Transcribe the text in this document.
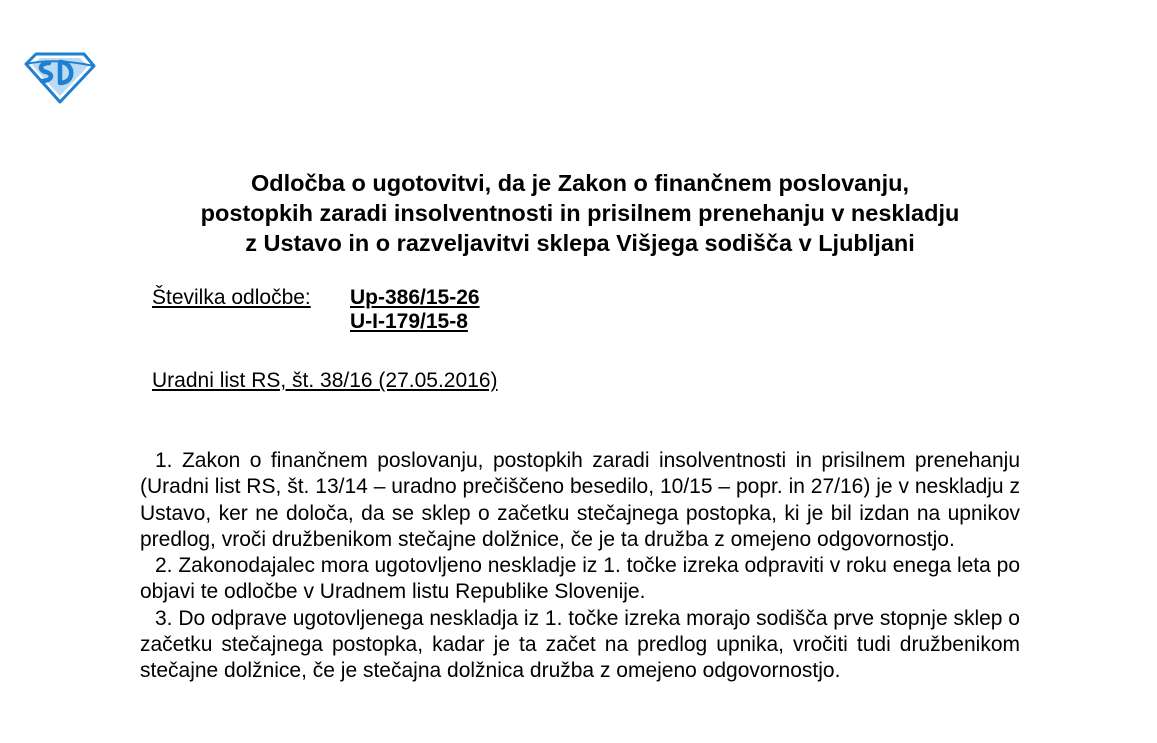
Odločba o ugotovitvi, da je Zakon o finančnem poslovanju,
postopkih zaradi insolventnosti in prisilnem prenehanju v neskladju
z Ustavo in o razveljavitvi sklepa Višjega sodišča v Ljubljani
Številka odločbe: Up-386/15-26
U-I-179/15-8
Uradni list RS, št. 38/16 (27.05.2016)

1. Zakon o finančnem poslovanju, postopkih zaradi insolventnosti in prisilnem prenehanju (Uradni list RS, št. 13/14 – uradno prečiščeno besedilo, 10/15 – popr. in 27/16) je v neskladju z Ustavo, ker ne določa, da se sklep o začetku stečajnega postopka, ki je bil izdan na upnikov predlog, vroči družbenikom stečajne dolžnice, če je ta družba z omejeno odgovornostjo.

2. Zakonodajalec mora ugotovljeno neskladje iz 1. točke izreka odpraviti v roku enega leta po objavi te odločbe v Uradnem listu Republike Slovenije.

3. Do odprave ugotovljenega neskladja iz 1. točke izreka morajo sodišča prve stopnje sklep o začetku stečajnega postopka, kadar je ta začet na predlog upnika, vročiti tudi družbenikom stečajne dolžnice, če je stečajna dolžnica družba z omejeno odgovornostjo.
